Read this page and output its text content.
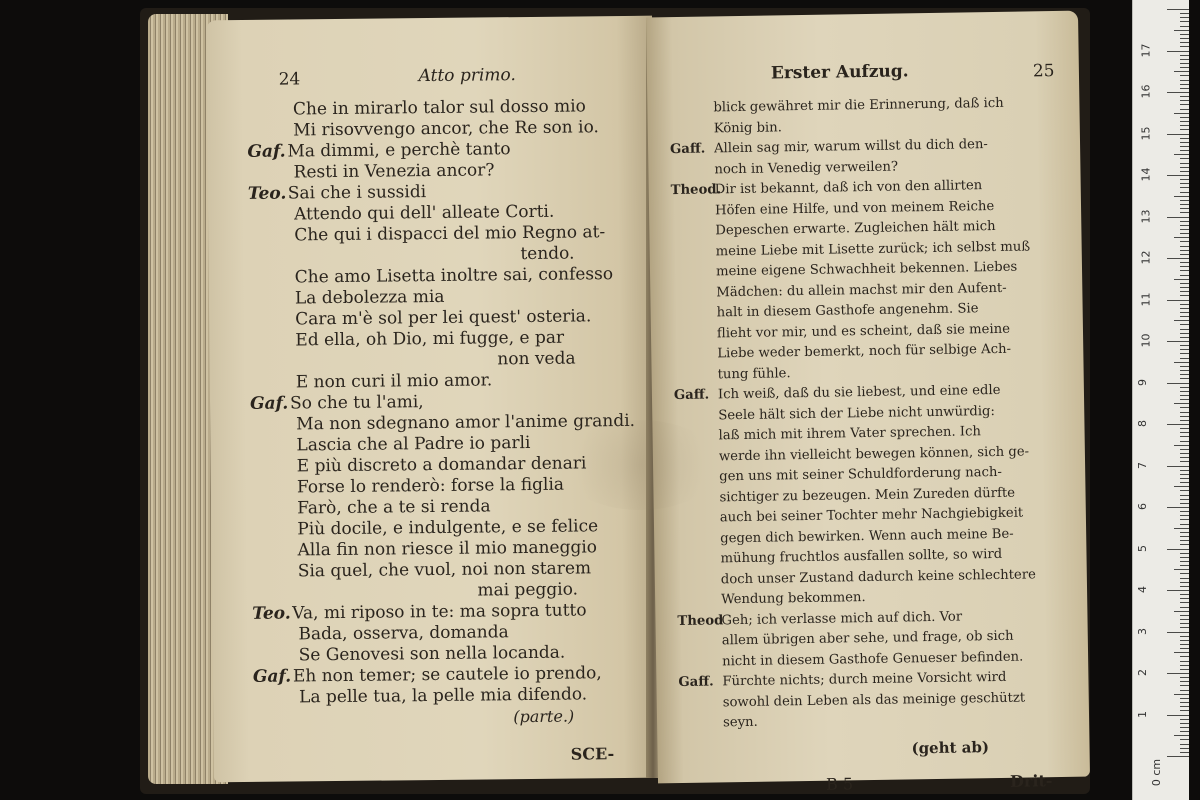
24	Atto primo.
Che in mirarlo talor sul dosso mio
Mi risovvengo ancor, che Re son io.
Gaf.Ma dimmi, e perchè tanto
Resti in Venezia ancor?
Teo.Sai che i sussidi
Attendo qui dell' alleate Corti.
Che qui i dispacci del mio Regno at-
tendo.
Che amo Lisetta inoltre sai, confesso
La debolezza mia
Cara m'è sol per lei quest' osteria.
Ed ella, oh Dio, mi fugge, e par
non veda
E non curi il mio amor.
Gaf.So che tu l'ami,
Ma non sdegnano amor l'anime grandi.
Lascia che al Padre io parli
E più discreto a domandar denari
Forse lo renderò: forse la figlia
Farò, che a te si renda
Più docile, e indulgente, e se felice
Alla fin non riesce il mio maneggio
Sia quel, che vuol, noi non starem
mai peggio.
Teo.Va, mi riposo in te: ma sopra tutto
Bada, osserva, domanda
Se Genovesi son nella locanda.
Gaf.Eh non temer; se cautele io prendo,
La pelle tua, la pelle mia difendo.
(parte.)
SCE-
Erster Aufzug.	25
blick gewähret mir die Erinnerung, daß ich
König bin.
Gaff. Allein sag mir, warum willst du dich den-
noch in Venedig verweilen?
Theod.Dir ist bekannt, daß ich von den allirten
Höfen eine Hilfe, und von meinem Reiche
Depeschen erwarte. Zugleichen hält mich
meine Liebe mit Lisette zurück; ich selbst muß
meine eigene Schwachheit bekennen. Liebes
Mädchen: du allein machst mir den Aufent-
halt in diesem Gasthofe angenehm. Sie
flieht vor mir, und es scheint, daß sie meine
Liebe weder bemerkt, noch für selbige Ach-
tung fühle.
Gaff. Ich weiß, daß du sie liebest, und eine edle
Seele hält sich der Liebe nicht unwürdig:
laß mich mit ihrem Vater sprechen. Ich
werde ihn vielleicht bewegen können, sich ge-
gen uns mit seiner Schuldforderung nach-
sichtiger zu bezeugen. Mein Zureden dürfte
auch bei seiner Tochter mehr Nachgiebigkeit
gegen dich bewirken. Wenn auch meine Be-
mühung fruchtlos ausfallen sollte, so wird
doch unser Zustand dadurch keine schlechtere
Wendung bekommen.
TheodGeh; ich verlasse mich auf dich. Vor
allem übrigen aber sehe, und frage, ob sich
nicht in diesem Gasthofe Genueser befinden.
Gaff. Fürchte nichts; durch meine Vorsicht wird
sowohl dein Leben als das meinige geschützt
seyn.
(geht ab)
B 5	Drit-	0 cm
1
2
3
4
5
6
7
8
9
10
11
12
13
14
15
16
17
